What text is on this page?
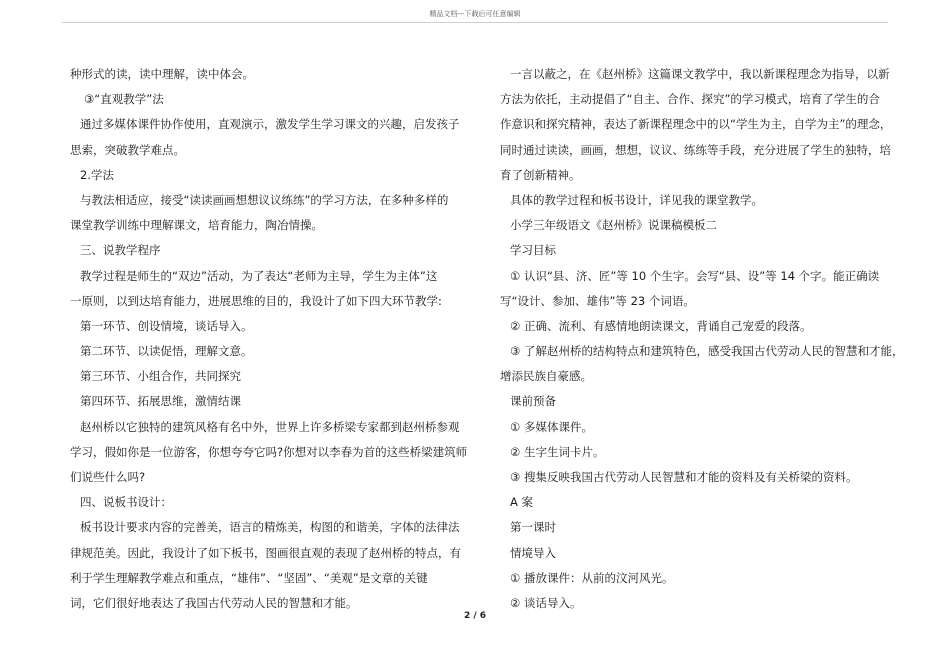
精品文档---下载后可任意编辑
种形式的读，读中理解，读中体会。
③“直观教学”法
通过多媒体课件协作使用，直观演示，激发学生学习课文的兴趣，启发孩子
思索，突破教学难点。
2.学法
与教法相适应，接受“读读画画想想议议练练”的学习方法，在多种多样的
课堂教学训练中理解课文，培育能力，陶冶情操。
三、说教学程序
教学过程是师生的“双边”活动，为了表达“老师为主导，学生为主体”这
一原则，以到达培育能力，进展思维的目的，我设计了如下四大环节教学:
第一环节、创设情境，谈话导入。
第二环节、以读促悟，理解文意。
第三环节、小组合作，共同探究
第四环节、拓展思维，激情结课
赵州桥以它独特的建筑风格有名中外，世界上许多桥梁专家都到赵州桥参观
学习，假如你是一位游客，你想夸夸它吗?你想对以李春为首的这些桥梁建筑师
们说些什么吗?
四、说板书设计：
板书设计要求内容的完善美，语言的精炼美，构图的和谐美，字体的法律法
律规范美。因此，我设计了如下板书，图画很直观的表现了赵州桥的特点，有
利于学生理解教学难点和重点，“雄伟”、“坚固”、“美观”是文章的关键
词，它们很好地表达了我国古代劳动人民的智慧和才能。
一言以蔽之，在《赵州桥》这篇课文教学中，我以新课程理念为指导，以新
方法为依托，主动提倡了“自主、合作、探究”的学习模式，培育了学生的合
作意识和探究精神，表达了新课程理念中的以“学生为主，自学为主”的理念，
同时通过读读，画画，想想，议议、练练等手段，充分进展了学生的独特，培
育了创新精神。
具体的教学过程和板书设计，详见我的课堂教学。
小学三年级语文《赵州桥》说课稿模板二
学习目标
① 认识“县、济、匠”等 10 个生字。会写“县、设”等 14 个字。能正确读
写“设计、参加、雄伟”等 23 个词语。
② 正确、流利、有感情地朗读课文，背诵自己宠爱的段落。
③ 了解赵州桥的结构特点和建筑特色，感受我国古代劳动人民的智慧和才能，
增添民族自豪感。
课前预备
① 多媒体课件。
② 生字生词卡片。
③ 搜集反映我国古代劳动人民智慧和才能的资料及有关桥梁的资料。
A 案
第一课时
情境导入
① 播放课件：从前的汶河风光。
② 谈话导入。
2 / 6
